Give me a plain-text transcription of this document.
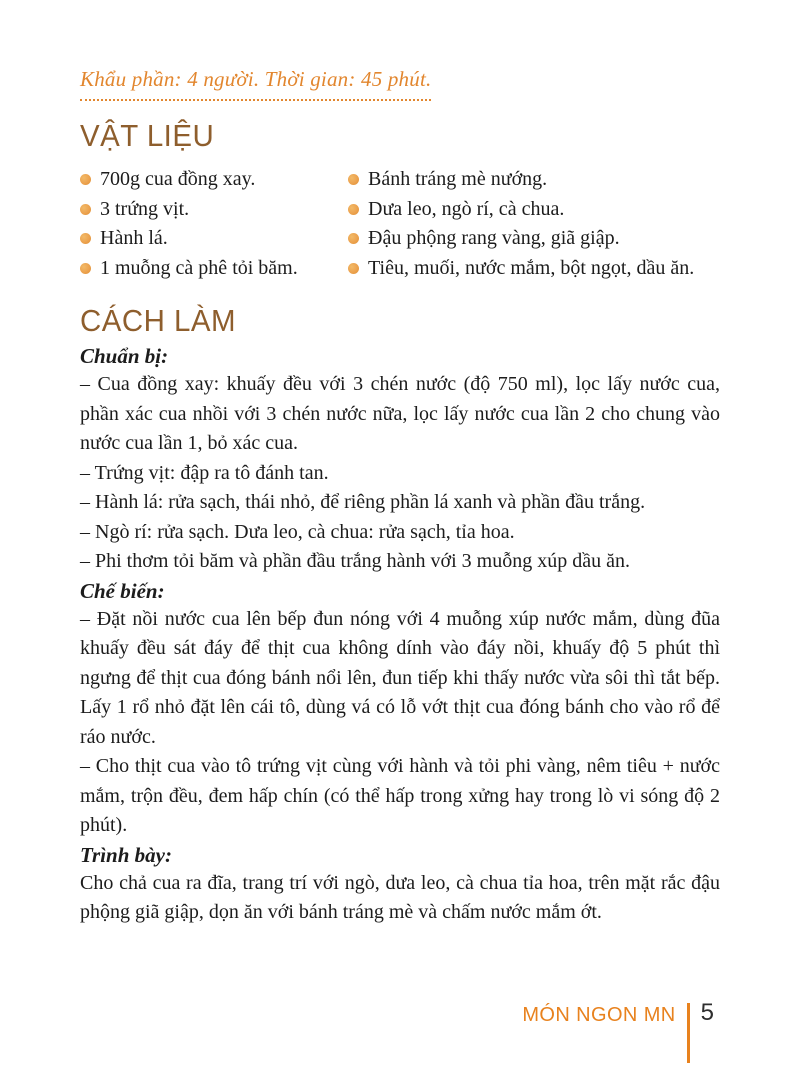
Khẩu phần: 4 người. Thời gian: 45 phút.
VẬT LIỆU
700g cua đồng xay.
3 trứng vịt.
Hành lá.
1 muỗng cà phê tỏi băm.
Bánh tráng mè nướng.
Dưa leo, ngò rí, cà chua.
Đậu phộng rang vàng, giã giập.
Tiêu, muối, nước mắm, bột ngọt, dầu ăn.
CÁCH LÀM
Chuẩn bị:

– Cua đồng xay: khuấy đều với 3 chén nước (độ 750 ml), lọc lấy nước cua, phần xác cua nhồi với 3 chén nước nữa, lọc lấy nước cua lần 2 cho chung vào nước cua lần 1, bỏ xác cua.

– Trứng vịt: đập ra tô đánh tan.

– Hành lá: rửa sạch, thái nhỏ, để riêng phần lá xanh và phần đầu trắng.

– Ngò rí: rửa sạch. Dưa leo, cà chua: rửa sạch, tỉa hoa.

– Phi thơm tỏi băm và phần đầu trắng hành với 3 muỗng xúp dầu ăn.

Chế biến:

– Đặt nồi nước cua lên bếp đun nóng với 4 muỗng xúp nước mắm, dùng đũa khuấy đều sát đáy để thịt cua không dính vào đáy nồi, khuấy độ 5 phút thì ngưng để thịt cua đóng bánh nổi lên, đun tiếp khi thấy nước vừa sôi thì tắt bếp. Lấy 1 rổ nhỏ đặt lên cái tô, dùng vá có lỗ vớt thịt cua đóng bánh cho vào rổ để ráo nước.

– Cho thịt cua vào tô trứng vịt cùng với hành và tỏi phi vàng, nêm tiêu + nước mắm, trộn đều, đem hấp chín (có thể hấp trong xửng hay trong lò vi sóng độ 2 phút).

Trình bày:

Cho chả cua ra đĩa, trang trí với ngò, dưa leo, cà chua tỉa hoa, trên mặt rắc đậu phộng giã giập, dọn ăn với bánh tráng mè và chấm nước mắm ớt.

MÓN NGON MN 5
